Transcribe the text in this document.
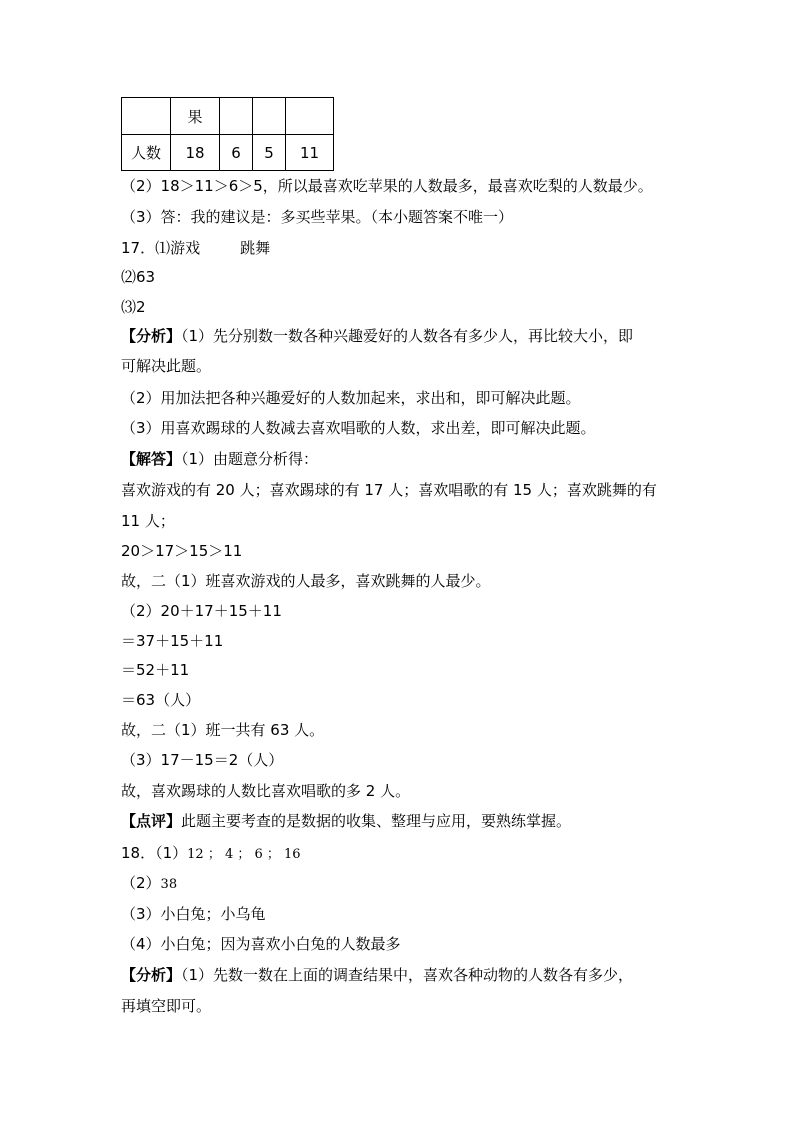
	果			
人数	18	6	5	11
（2）18＞11＞6＞5，所以最喜欢吃苹果的人数最多，最喜欢吃梨的人数最少。
（3）答：我的建议是：多买些苹果。（本小题答案不唯一）
17．⑴游戏	跳舞
⑵63
⑶2
【分析】（1）先分别数一数各种兴趣爱好的人数各有多少人，再比较大小，即
可解决此题。
（2）用加法把各种兴趣爱好的人数加起来，求出和，即可解决此题。
（3）用喜欢踢球的人数减去喜欢唱歌的人数，求出差，即可解决此题。
【解答】（1）由题意分析得：
喜欢游戏的有 20 人；喜欢踢球的有 17 人；喜欢唱歌的有 15 人；喜欢跳舞的有
11 人；
20＞17＞15＞11
故，二（1）班喜欢游戏的人最多，喜欢跳舞的人最少。
（2）20＋17＋15＋11
＝37＋15＋11
＝52＋11
＝63（人）
故，二（1）班一共有 63 人。
（3）17－15＝2（人）
故，喜欢踢球的人数比喜欢唱歌的多 2 人。
【点评】此题主要考查的是数据的收集、整理与应用，要熟练掌握。
18．（1）12 ； 4 ； 6 ； 16
（2）38
（3）小白兔；小乌龟
（4）小白兔；因为喜欢小白兔的人数最多
【分析】（1）先数一数在上面的调查结果中，喜欢各种动物的人数各有多少，
再填空即可。
